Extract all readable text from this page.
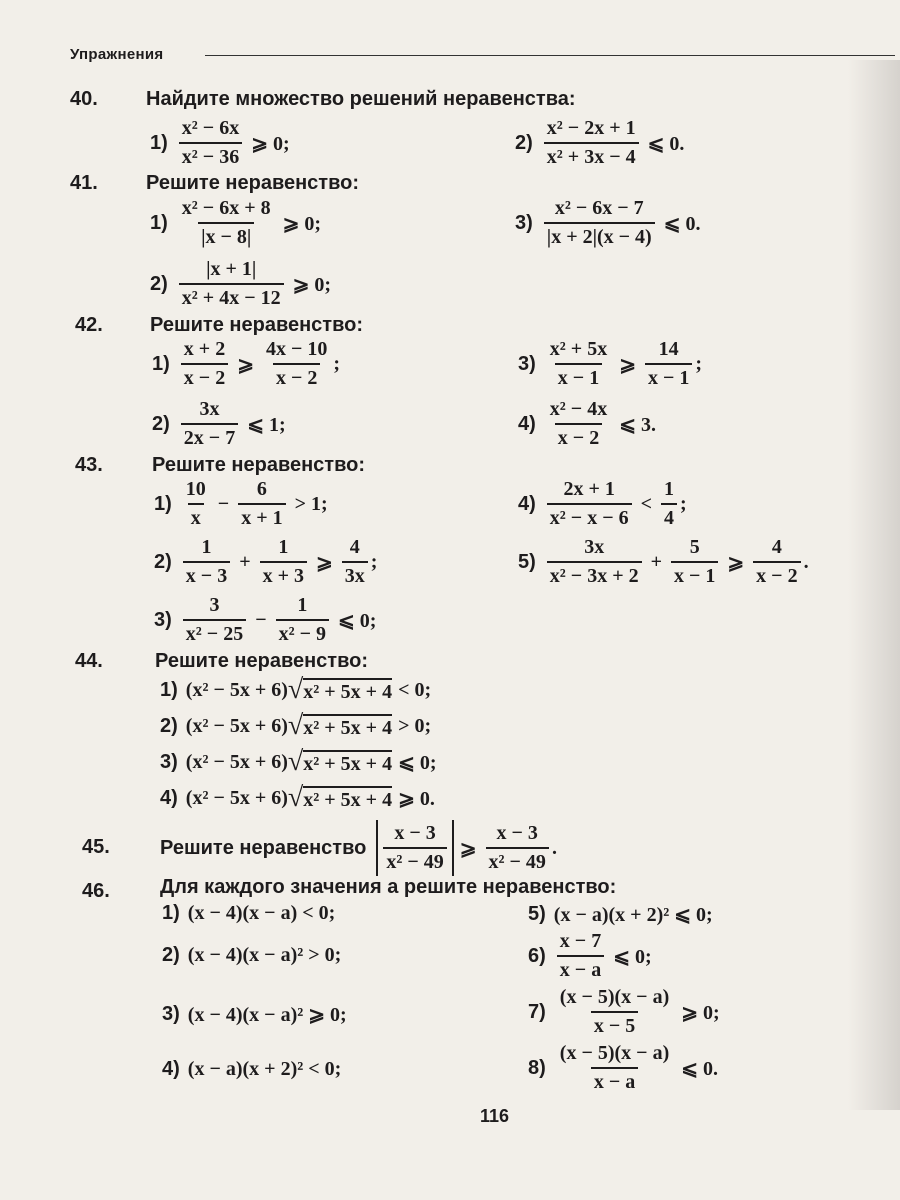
Упражнения
40. Найдите множество решений неравенства:
$1) \frac{\text{x² − 6x}}{\text{x² − 36}}$ ⩾ 0;	$2) \frac{\text{x² − 2x + 1}}{\text{x² + 3x − 4}}$ ⩽ 0.
41. Решите неравенство:
$1) \frac{\text{x² − 6x + 8}}{|x - 8|}$ ⩾ 0;	$3) \frac{\text{x² − 6x − 7}}{|x + 2|(x - 4)}$ ⩽ 0.
$2) \frac{|x + 1|}{\text{x² + 4x − 12}}$ ⩾ 0;
42. Решите неравенство:
$1) \frac{x + 2}{x - 2}$ ⩾ $\frac{4x - 10}{x - 2}$ ;	$3) \frac{\text{x² + 5x}}{x - 1}$ ⩾ $\frac{14}{x - 1}$ ;
$2) \frac{3x}{2x - 7}$ ⩽ 1;	$4) \frac{\text{x² − 4x}}{x - 2}$ ⩽ 3.
43. Решите неравенство:
$1) \frac{10}{x} - \frac{6}{x + 1} > 1$;	$4) \frac{2x + 1}{\text{x² − x − 6}} < \frac{1}{4}$ ;
$2) \frac{1}{x - 3} + \frac{1}{x + 3}$ ⩾ $\frac{4}{3x}$ ;	$5) \frac{3x}{\text{x² − 3x + 2}} + \frac{5}{x - 1}$ ⩾ $\frac{4}{x - 2}$ .
$3) \frac{3}{\text{x² − 25}} - \frac{1}{\text{x² − 9}}$ ⩽ 0;
44.	Решите неравенство:
1) (x² − 5x + 6) √ x² + 5x + 4 < 0;
2) (x² − 5x + 6) √ x² + 5x + 4 > 0;
3) (x² − 5x + 6) √ x² + 5x + 4 ⩽ 0;
4) (x² − 5x + 6) √ x² + 5x + 4 ⩾ 0.
45.	Решите неравенство $\frac{x - 3}{\text{x² − 49}}$ ⩾ $\frac{x - 3}{\text{x² − 49}}$ .
46.	Для каждого значения a решите неравенство:
1) (x − 4)(x − a) < 0;	5) (x − a)(x + 2)² ⩽ 0;
2) (x − 4)(x − a)² > 0;	$6) \frac{x - 7}{x - a}$ ⩽ 0;
3) (x − 4)(x − a)² ⩾ 0;	$7) \frac{(x - 5)(x - a)}{x - 5}$ ⩾ 0;
4) (x − a)(x + 2)² < 0;	$8) \frac{(x - 5)(x - a)}{x - a}$ ⩽ 0.
116
